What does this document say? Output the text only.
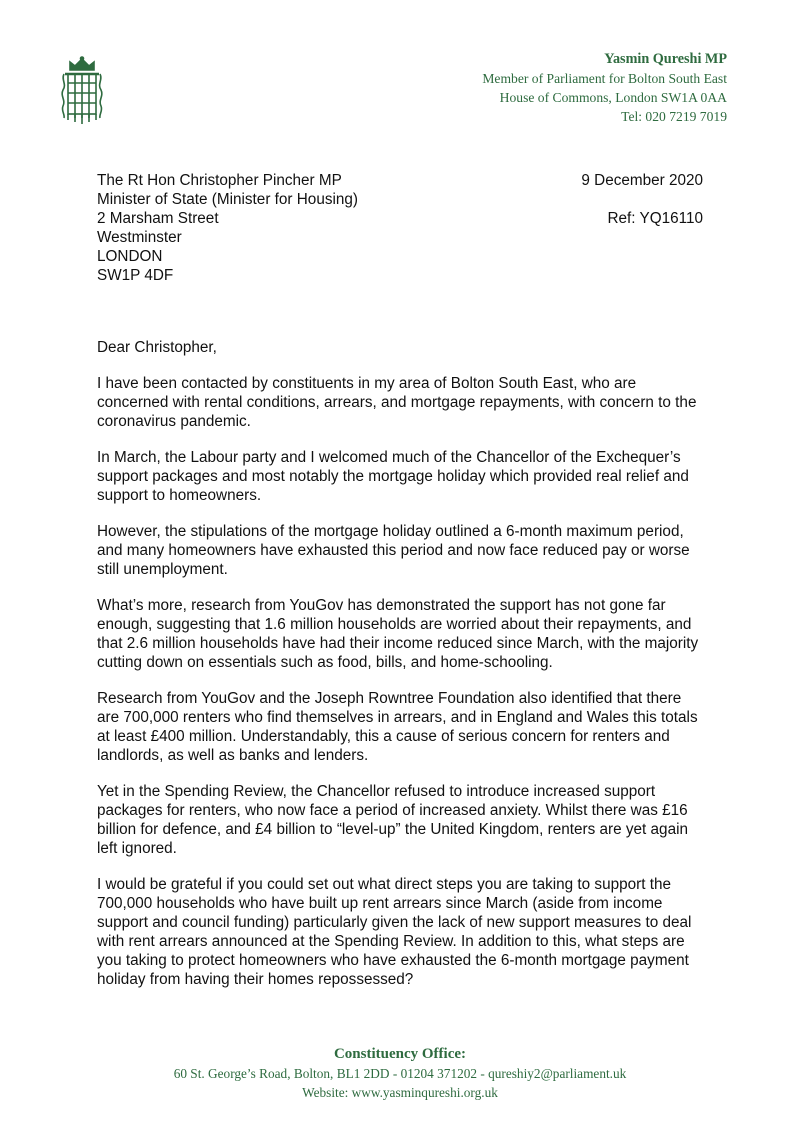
Yasmin Qureshi MP
Member of Parliament for Bolton South East
House of Commons, London SW1A 0AA
Tel: 020 7219 7019
The Rt Hon Christopher Pincher MP
Minister of State (Minister for Housing)
2 Marsham Street
Westminster
LONDON
SW1P 4DF
9 December 2020
Ref: YQ16110

Dear Christopher,

I have been contacted by constituents in my area of Bolton South East, who are concerned with rental conditions, arrears, and mortgage repayments, with concern to the coronavirus pandemic.

In March, the Labour party and I welcomed much of the Chancellor of the Exchequer’s support packages and most notably the mortgage holiday which provided real relief and support to homeowners.

However, the stipulations of the mortgage holiday outlined a 6-month maximum period, and many homeowners have exhausted this period and now face reduced pay or worse still unemployment.

What’s more, research from YouGov has demonstrated the support has not gone far enough, suggesting that 1.6 million households are worried about their repayments, and that 2.6 million households have had their income reduced since March, with the majority cutting down on essentials such as food, bills, and home-schooling.

Research from YouGov and the Joseph Rowntree Foundation also identified that there are 700,000 renters who find themselves in arrears, and in England and Wales this totals at least £400 million. Understandably, this a cause of serious concern for renters and landlords, as well as banks and lenders.

Yet in the Spending Review, the Chancellor refused to introduce increased support packages for renters, who now face a period of increased anxiety. Whilst there was £16 billion for defence, and £4 billion to “level-up” the United Kingdom, renters are yet again left ignored.

I would be grateful if you could set out what direct steps you are taking to support the 700,000 households who have built up rent arrears since March (aside from income support and council funding) particularly given the lack of new support measures to deal with rent arrears announced at the Spending Review. In addition to this, what steps are you taking to protect homeowners who have exhausted the 6-month mortgage payment holiday from having their homes repossessed?

Constituency Office:
60 St. George’s Road, Bolton, BL1 2DD - 01204 371202 - qureshiy2@parliament.uk
Website: www.yasminqureshi.org.uk
